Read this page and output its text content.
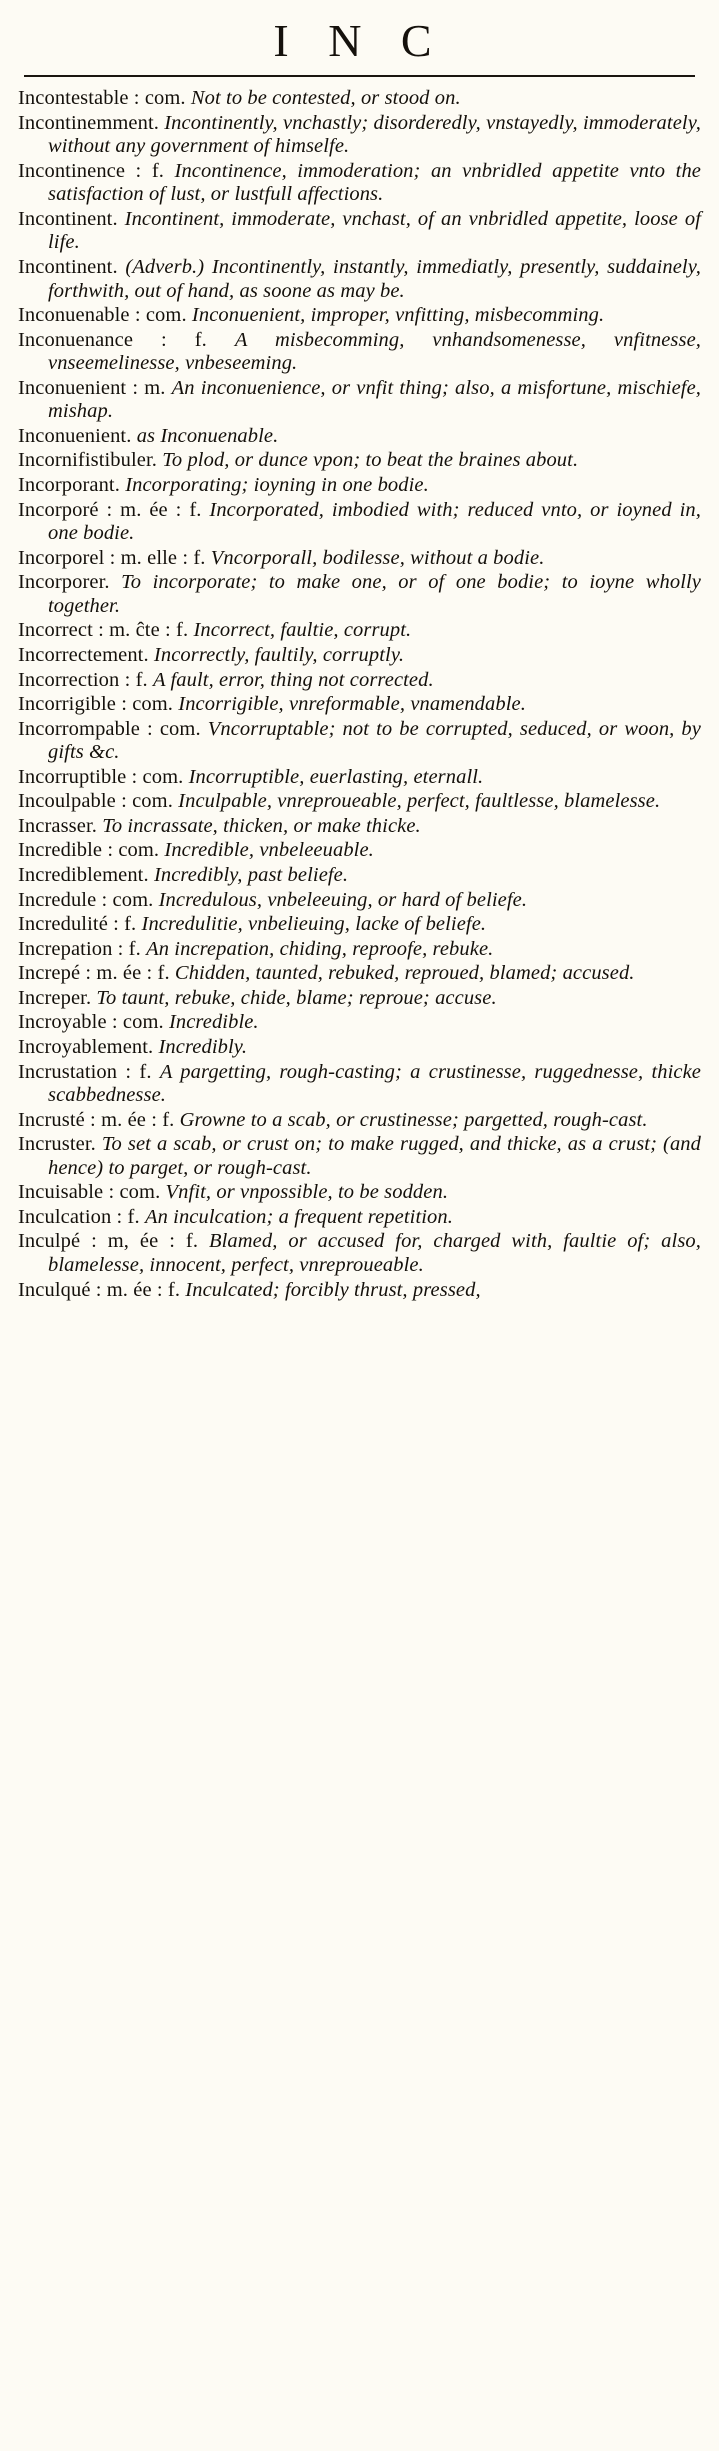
I N C

Incontestable : com. Not to be contested, or stood on.

Incontinemment. Incontinently, vnchastly; disorderedly, vnstayedly, immoderately, without any government of himselfe.

Incontinence : f. Incontinence, immoderation; an vnbridled appetite vnto the satisfaction of lust, or lustfull affections.

Incontinent. Incontinent, immoderate, vnchast, of an vnbridled appetite, loose of life.

Incontinent. (Adverb.) Incontinently, instantly, immediatly, presently, suddainely, forthwith, out of hand, as soone as may be.

Inconuenable : com. Inconuenient, improper, vnfitting, misbecomming.

Inconuenance : f. A misbecomming, vnhandsomenesse, vnfitnesse, vnseemelinesse, vnbeseeming.

Inconuenient : m. An inconuenience, or vnfit thing; also, a misfortune, mischiefe, mishap.

Inconuenient. as Inconuenable.

Incornifistibuler. To plod, or dunce vpon; to beat the braines about.

Incorporant. Incorporating; ioyning in one bodie.

Incorporé : m. ée : f. Incorporated, imbodied with; reduced vnto, or ioyned in, one bodie.

Incorporel : m. elle : f. Vncorporall, bodilesse, without a bodie.

Incorporer. To incorporate; to make one, or of one bodie; to ioyne wholly together.

Incorrect : m. ĉte : f. Incorrect, faultie, corrupt.

Incorrectement. Incorrectly, faultily, corruptly.

Incorrection : f. A fault, error, thing not corrected.

Incorrigible : com. Incorrigible, vnreformable, vnamendable.

Incorrompable : com. Vncorruptable; not to be corrupted, seduced, or woon, by gifts &c.

Incorruptible : com. Incorruptible, euerlasting, eternall.

Incoulpable : com. Inculpable, vnreproueable, perfect, faultlesse, blamelesse.

Incrasser. To incrassate, thicken, or make thicke.

Incredible : com. Incredible, vnbeleeuable.

Incrediblement. Incredibly, past beliefe.

Incredule : com. Incredulous, vnbeleeuing, or hard of beliefe.

Incredulité : f. Incredulitie, vnbelieuing, lacke of beliefe.

Increpation : f. An increpation, chiding, reproofe, rebuke.

Increpé : m. ée : f. Chidden, taunted, rebuked, reproued, blamed; accused.

Increper. To taunt, rebuke, chide, blame; reproue; accuse.

Incroyable : com. Incredible.

Incroyablement. Incredibly.

Incrustation : f. A pargetting, rough-casting; a crustinesse, ruggednesse, thicke scabbednesse.

Incrusté : m. ée : f. Growne to a scab, or crustinesse; pargetted, rough-cast.

Incruster. To set a scab, or crust on; to make rugged, and thicke, as a crust; (and hence) to parget, or rough-cast.

Incuisable : com. Vnfit, or vnpossible, to be sodden.

Inculcation : f. An inculcation; a frequent repetition.

Inculpé : m, ée : f. Blamed, or accused for, charged with, faultie of; also, blamelesse, innocent, perfect, vnreproueable.

Inculqué : m. ée : f. Inculcated; forcibly thrust, pressed,
